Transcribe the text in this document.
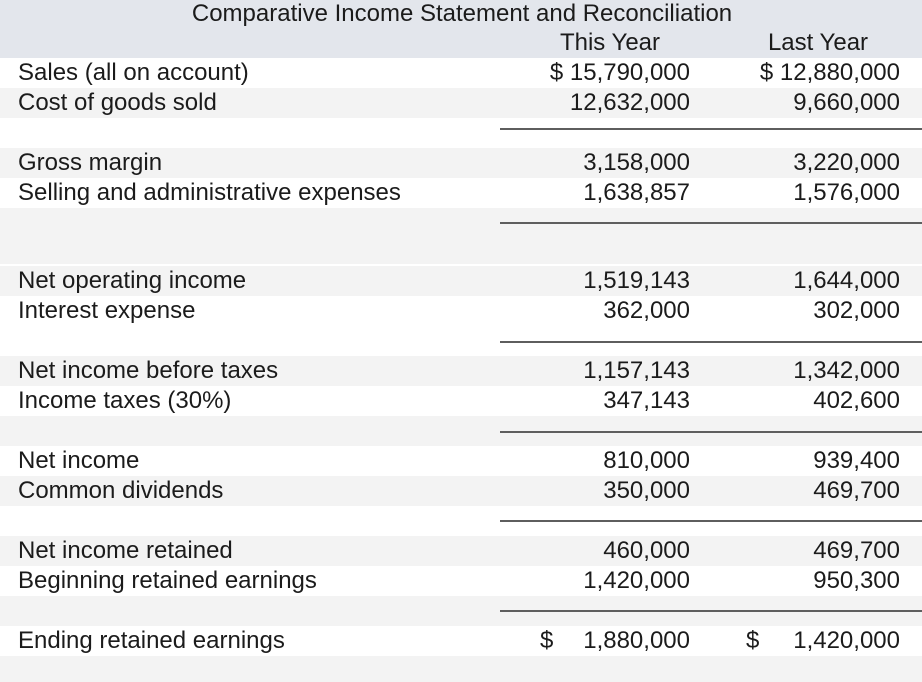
Comparative Income Statement and Reconciliation
This Year	Last Year
Sales (all on account)	$ 15,790,000	$ 12,880,000
Cost of goods sold	12,632,000	9,660,000
Gross margin	3,158,000	3,220,000
Selling and administrative expenses	1,638,857	1,576,000
Net operating income	1,519,143	1,644,000
Interest expense	362,000	302,000
Net income before taxes	1,157,143	1,342,000
Income taxes (30%)	347,143	402,600
Net income	810,000	939,400
Common dividends	350,000	469,700
Net income retained	460,000	469,700
Beginning retained earnings	1,420,000	950,300
Ending retained earnings	$ 1,880,000 $ 1,420,000
